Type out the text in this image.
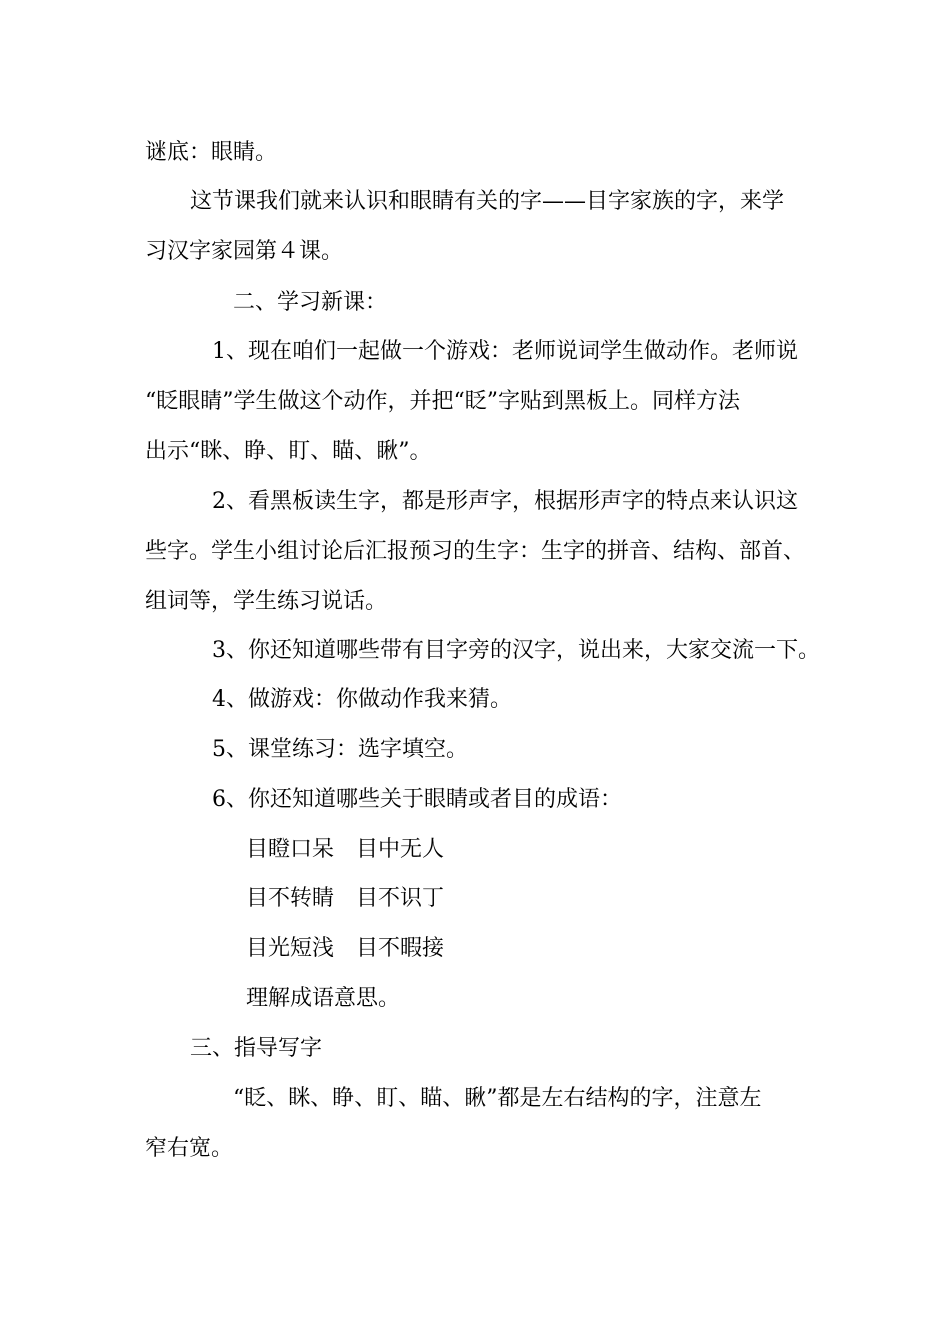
谜底：眼睛。
这节课我们就来认识和眼睛有关的字——目字家族的字，来学
习汉字家园第４课。
二、学习新课：
1、现在咱们一起做一个游戏：老师说词学生做动作。老师说
“眨眼睛”学生做这个动作，并把“眨”字贴到黑板上。同样方法
出示“眯、睁、盯、瞄、瞅”。
2、看黑板读生字，都是形声字，根据形声字的特点来认识这
些字。学生小组讨论后汇报预习的生字：生字的拼音、结构、部首、
组词等，学生练习说话。
3、你还知道哪些带有目字旁的汉字，说出来，大家交流一下。
4、做游戏：你做动作我来猜。
5、课堂练习：选字填空。
6、你还知道哪些关于眼睛或者目的成语：
目瞪口呆　目中无人
目不转睛　目不识丁
目光短浅　目不暇接
理解成语意思。
三、指导写字
“眨、眯、睁、盯、瞄、瞅”都是左右结构的字，注意左
窄右宽。
